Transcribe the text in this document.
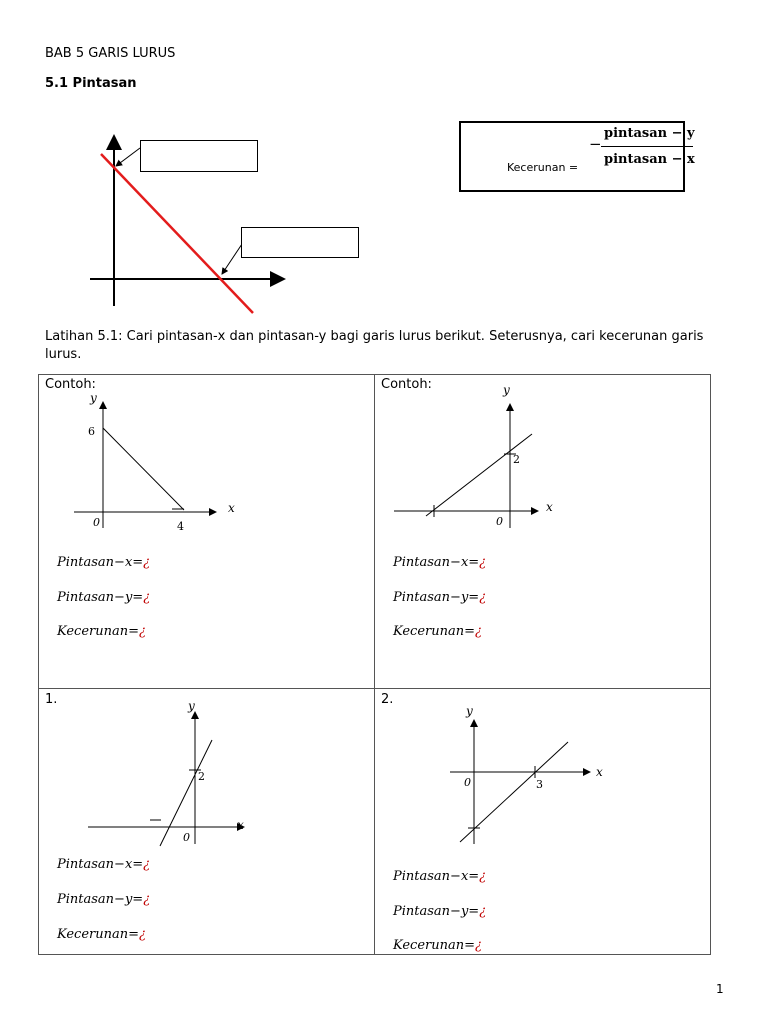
BAB 5 GARIS LURUS
5.1 Pintasan
Kecerunan =
−
pintasan − y
pintasan − x
Latihan 5.1: Cari pintasan-x dan pintasan-y bagi garis lurus berikut. Seterusnya, cari kecerunan garis lurus.
Contoh:
y
x
6
4
0
Pintasan−x=¿
Pintasan−y=¿
Kecerunan=¿
Contoh:	y
x
2
0
Pintasan−x=¿
Pintasan−y=¿
Kecerunan=¿
1.	y
x
2
0
Pintasan−x=¿
Pintasan−y=¿
Kecerunan=¿
2.
y
x
3
0
Pintasan−x=¿
Pintasan−y=¿
Kecerunan=¿
1
